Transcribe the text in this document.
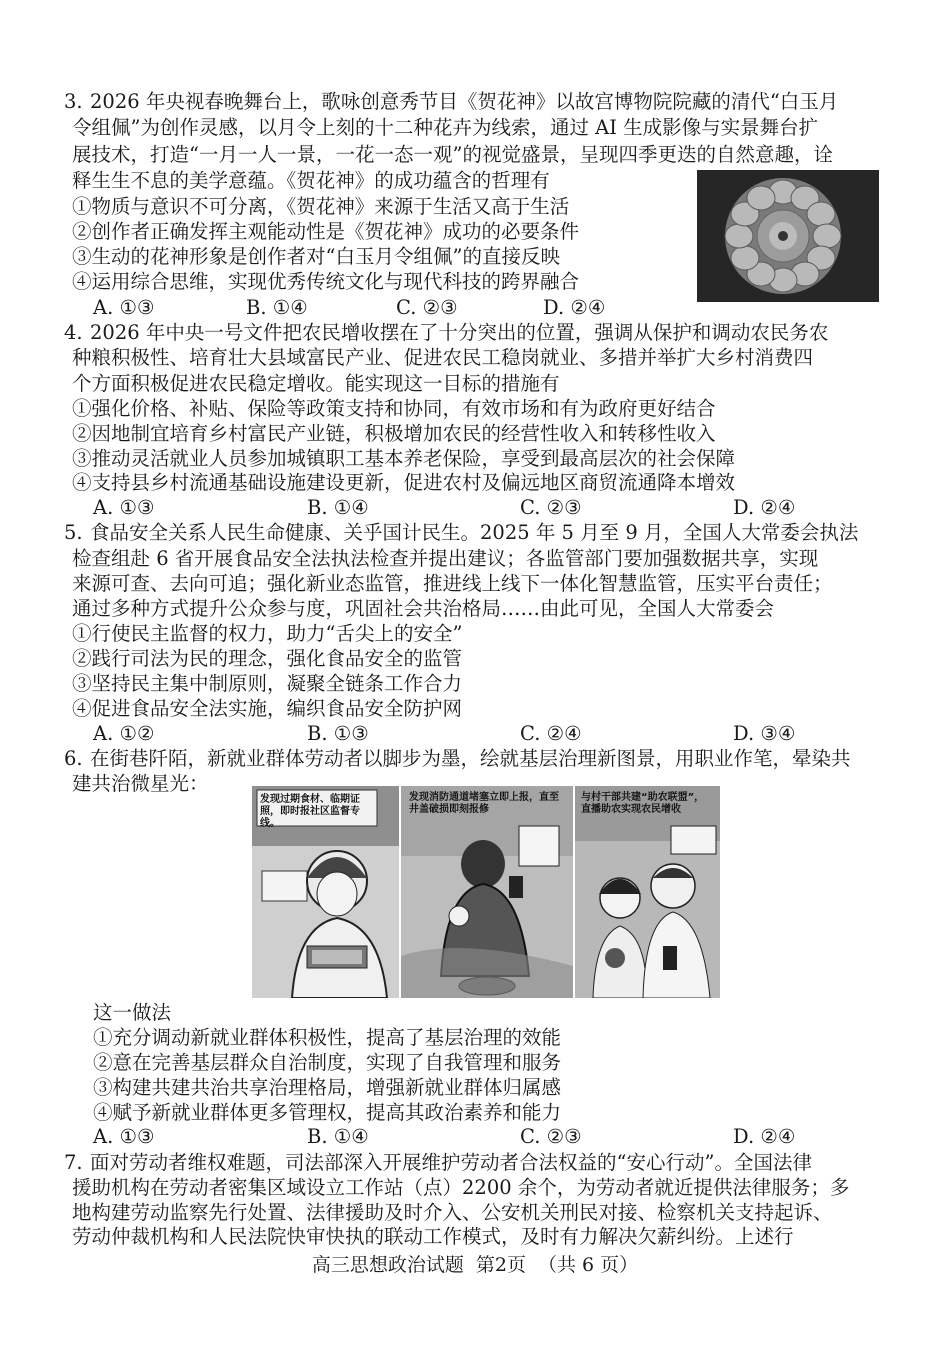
3. 2026 年央视春晚舞台上，歌咏创意秀节目《贺花神》以故宫博物院院藏的清代“白玉月
令组佩”为创作灵感，以月令上刻的十二种花卉为线索，通过 AI 生成影像与实景舞台扩
展技术，打造“一月一人一景，一花一态一观”的视觉盛景，呈现四季更迭的自然意趣，诠
释生生不息的美学意蕴。《贺花神》的成功蕴含的哲理有
①物质与意识不可分离，《贺花神》来源于生活又高于生活
②创作者正确发挥主观能动性是《贺花神》成功的必要条件
③生动的花神形象是创作者对“白玉月令组佩”的直接反映
④运用综合思维，实现优秀传统文化与现代科技的跨界融合
A. ①③	B. ①④	C. ②③	D. ②④
4. 2026 年中央一号文件把农民增收摆在了十分突出的位置，强调从保护和调动农民务农
种粮积极性、培育壮大县域富民产业、促进农民工稳岗就业、多措并举扩大乡村消费四
个方面积极促进农民稳定增收。能实现这一目标的措施有
①强化价格、补贴、保险等政策支持和协同，有效市场和有为政府更好结合
②因地制宜培育乡村富民产业链，积极增加农民的经营性收入和转移性收入
③推动灵活就业人员参加城镇职工基本养老保险，享受到最高层次的社会保障
④支持县乡村流通基础设施建设更新，促进农村及偏远地区商贸流通降本增效
A. ①③	B. ①④	C. ②③	D. ②④
5. 食品安全关系人民生命健康、关乎国计民生。2025 年 5 月至 9 月，全国人大常委会执法
检查组赴 6 省开展食品安全法执法检查并提出建议；各监管部门要加强数据共享，实现
来源可查、去向可追；强化新业态监管，推进线上线下一体化智慧监管，压实平台责任；
通过多种方式提升公众参与度，巩固社会共治格局……由此可见，全国人大常委会
①行使民主监督的权力，助力“舌尖上的安全”
②践行司法为民的理念，强化食品安全的监管
③坚持民主集中制原则，凝聚全链条工作合力
④促进食品安全法实施，编织食品安全防护网
A. ①②	B. ①③	C. ②④	D. ③④
6. 在街巷阡陌，新就业群体劳动者以脚步为墨，绘就基层治理新图景，用职业作笔，晕染共
建共治微星光：
发现过期食材、临期证照，即时报社区监督专线。
发现消防通道堵塞立即上报，直至井盖破损即刻报修
与村干部共建“助农联盟”，直播助农实现农民增收
这一做法
①充分调动新就业群体积极性，提高了基层治理的效能
②意在完善基层群众自治制度，实现了自我管理和服务
③构建共建共治共享治理格局，增强新就业群体归属感
④赋予新就业群体更多管理权，提高其政治素养和能力
A. ①③	B. ①④	C. ②③	D. ②④
7. 面对劳动者维权难题，司法部深入开展维护劳动者合法权益的“安心行动”。全国法律
援助机构在劳动者密集区域设立工作站（点）2200 余个，为劳动者就近提供法律服务；多
地构建劳动监察先行处置、法律援助及时介入、公安机关刑民对接、检察机关支持起诉、
劳动仲裁机构和人民法院快审快执的联动工作模式，及时有力解决欠薪纠纷。上述行
高三思想政治试题 第2页 （共 6 页）
